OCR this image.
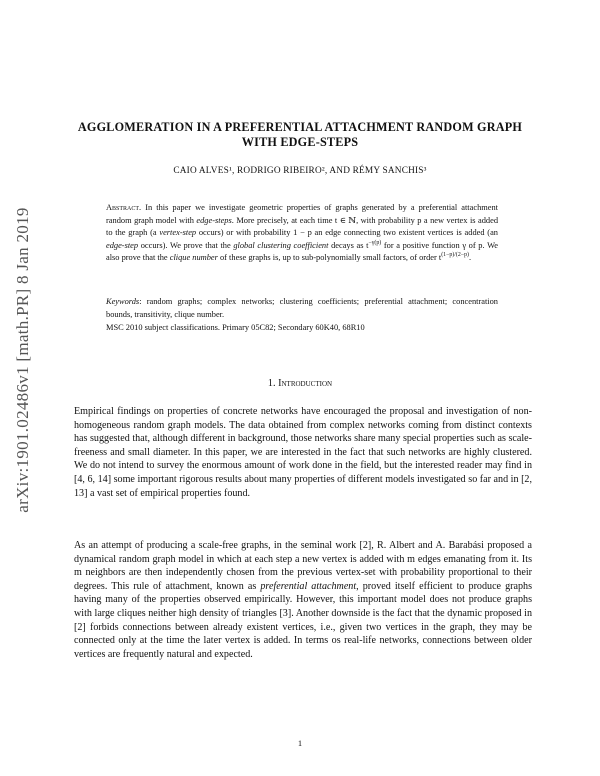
arXiv:1901.02486v1 [math.PR] 8 Jan 2019
AGGLOMERATION IN A PREFERENTIAL ATTACHMENT RANDOM GRAPH WITH EDGE-STEPS
CAIO ALVES¹, RODRIGO RIBEIRO², AND RÉMY SANCHIS³
Abstract. In this paper we investigate geometric properties of graphs generated by a preferential attachment random graph model with edge-steps. More precisely, at each time t ∈ ℕ, with probability p a new vertex is added to the graph (a vertex-step occurs) or with probability 1 − p an edge connecting two existent vertices is added (an edge-step occurs). We prove that the global clustering coefficient decays as $t^{-\gamma(p)}$ for a positive function γ of p. We also prove that the clique number of these graphs is, up to sub-polynomially small factors, of order $t^{(1-p)/(2-p)}$.
Keywords: random graphs; complex networks; clustering coefficients; preferential attachment; concentration bounds, transitivity, clique number.
MSC 2010 subject classifications. Primary 05C82; Secondary 60K40, 68R10
1. Introduction
Empirical findings on properties of concrete networks have encouraged the proposal and investigation of non-homogeneous random graph models. The data obtained from complex networks coming from distinct contexts has suggested that, although different in background, those networks share many special properties such as scale-freeness and small diameter. In this paper, we are interested in the fact that such networks are highly clustered. We do not intend to survey the enormous amount of work done in the field, but the interested reader may find in [4, 6, 14] some important rigorous results about many properties of different models investigated so far and in [2, 13] a vast set of empirical properties found.
As an attempt of producing a scale-free graphs, in the seminal work [2], R. Albert and A. Barabási proposed a dynamical random graph model in which at each step a new vertex is added with m edges emanating from it. Its m neighbors are then independently chosen from the previous vertex-set with probability proportional to their degrees. This rule of attachment, known as preferential attachment, proved itself efficient to produce graphs having many of the properties observed empirically. However, this important model does not produce graphs with large cliques neither high density of triangles [3]. Another downside is the fact that the dynamic proposed in [2] forbids connections between already existent vertices, i.e., given two vertices in the graph, they may be connected only at the time the later vertex is added. In terms os real-life networks, connections between older vertices are frequently natural and expected.
1
